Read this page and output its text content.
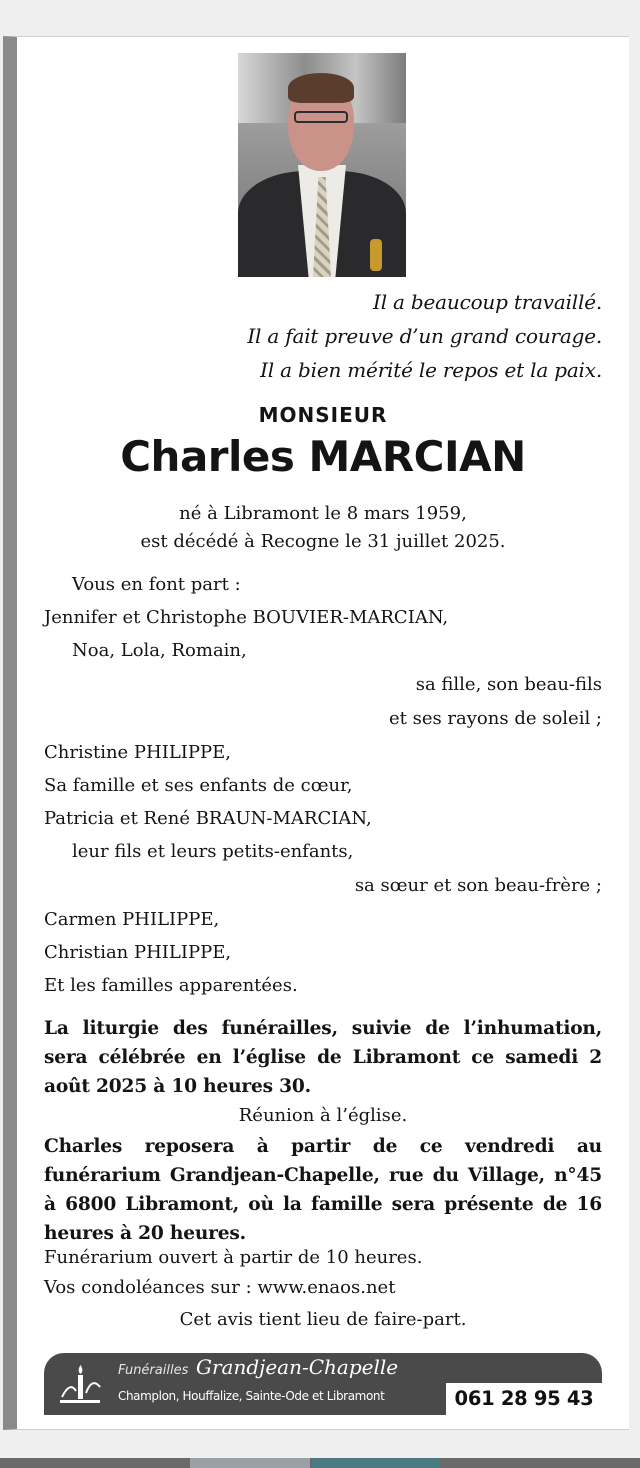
Il a beaucoup travaillé.
Il a fait preuve d’un grand courage.
Il a bien mérité le repos et la paix.
MONSIEUR
Charles MARCIAN
né à Libramont le 8 mars 1959,
est décédé à Recogne le 31 juillet 2025.
Vous en font part :
Jennifer et Christophe BOUVIER-MARCIAN,
Noa, Lola, Romain,
sa fille, son beau-fils
et ses rayons de soleil ;
Christine PHILIPPE,
Sa famille et ses enfants de cœur,
Patricia et René BRAUN-MARCIAN,
leur fils et leurs petits-enfants,
sa sœur et son beau-frère ;
Carmen PHILIPPE,
Christian PHILIPPE,
Et les familles apparentées.
La liturgie des funérailles, suivie de l’inhumation, sera célébrée en l’église de Libramont ce samedi 2 août 2025 à 10 heures 30.
Réunion à l’église.
Charles reposera à partir de ce vendredi au funérarium Grandjean-Chapelle, rue du Village, n°45 à 6800 Libramont, où la famille sera présente de 16 heures à 20 heures.
Funérarium ouvert à partir de 10 heures.
Vos condoléances sur : www.enaos.net
Cet avis tient lieu de faire-part.
Funérailles Grandjean-Chapelle
Champlon, Houffalize, Sainte-Ode et Libramont	061 28 95 43
